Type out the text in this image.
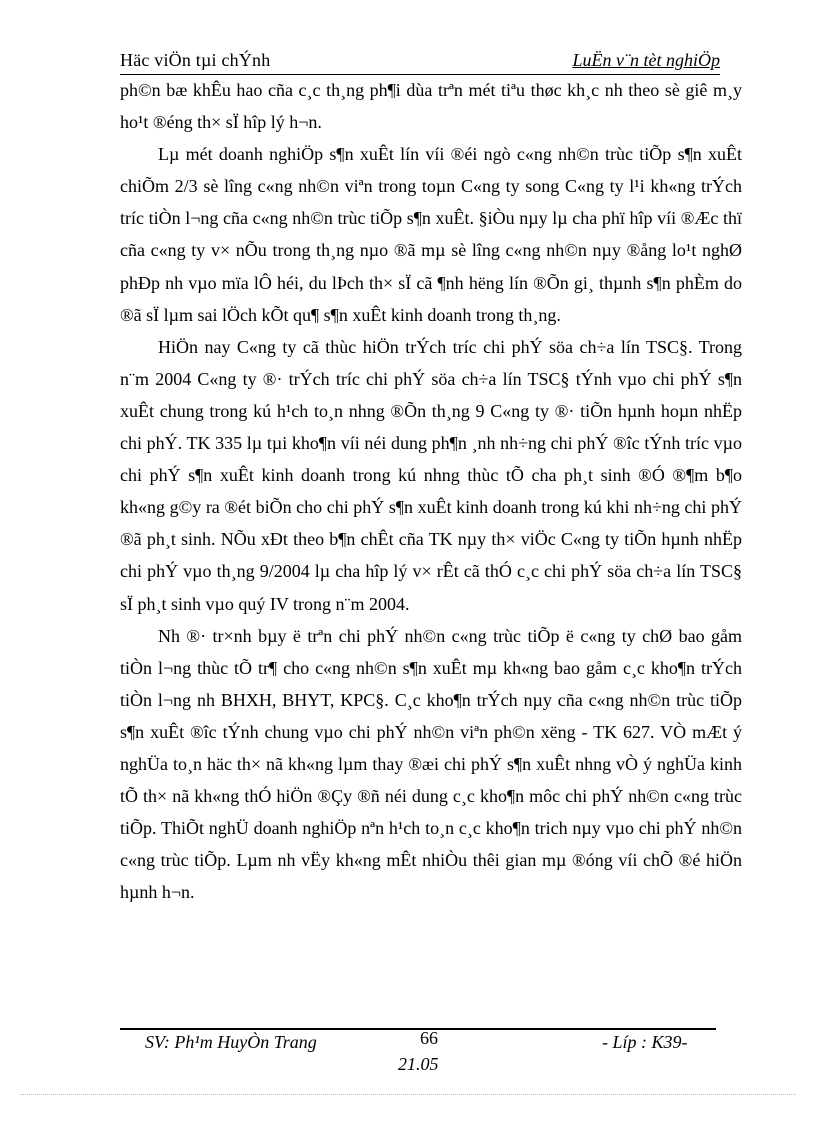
Häc viÖn tµi chÝnh	LuËn v¨n tèt nghiÖp

ph©n bæ khÊu hao cña c¸c th¸ng ph¶i dùa trªn mét tiªu thøc kh¸c nh theo sè giê m¸y ho¹t ®éng th× sÏ hîp lý h¬n.

Lµ mét doanh nghiÖp s¶n xuÊt lín víi ®éi ngò c«ng nh©n trùc tiÕp s¶n xuÊt chiÕm 2/3 sè lîng c«ng nh©n viªn trong toµn C«ng ty song C«ng ty l¹i kh«ng trÝch tríc tiÒn l¬ng cña c«ng nh©n trùc tiÕp s¶n xuÊt. §iÒu nµy lµ cha phï hîp víi ®Æc thï cña c«ng ty v× nÕu trong th¸ng nµo ®ã mµ sè lîng c«ng nh©n nµy ®ång lo¹t nghØ phÐp nh vµo mïa lÔ héi, du lÞch th× sÏ cã ¶nh hëng lín ®Õn gi¸ thµnh s¶n phÈm do ®ã sÏ lµm sai lÖch kÕt qu¶ s¶n xuÊt kinh doanh trong th¸ng.

HiÖn nay C«ng ty cã thùc hiÖn trÝch tríc chi phÝ söa ch÷a lín TSC§. Trong n¨m 2004 C«ng ty ®· trÝch tríc chi phÝ söa ch÷a lín TSC§ tÝnh vµo chi phÝ s¶n xuÊt chung trong kú h¹ch to¸n nhng ®Õn th¸ng 9 C«ng ty ®· tiÕn hµnh hoµn nhËp chi phÝ. TK 335 lµ tµi kho¶n víi néi dung ph¶n ¸nh nh÷ng chi phÝ ®îc tÝnh tríc vµo chi phÝ s¶n xuÊt kinh doanh trong kú nhng thùc tÕ cha ph¸t sinh ®Ó ®¶m b¶o kh«ng g©y ra ®ét biÕn cho chi phÝ s¶n xuÊt kinh doanh trong kú khi nh÷ng chi phÝ ®ã ph¸t sinh. NÕu xÐt theo b¶n chÊt cña TK nµy th× viÖc C«ng ty tiÕn hµnh nhËp chi phÝ vµo th¸ng 9/2004 lµ cha hîp lý v× rÊt cã thÓ c¸c chi phÝ söa ch÷a lín TSC§ sÏ ph¸t sinh vµo quý IV trong n¨m 2004.

Nh ®· tr×nh bµy ë trªn chi phÝ nh©n c«ng trùc tiÕp ë c«ng ty chØ bao gåm tiÒn l¬ng thùc tÕ tr¶ cho c«ng nh©n s¶n xuÊt mµ kh«ng bao gåm c¸c kho¶n trÝch tiÒn l¬ng nh BHXH, BHYT, KPC§. C¸c kho¶n trÝch nµy cña c«ng nh©n trùc tiÕp s¶n xuÊt ®îc tÝnh chung vµo chi phÝ nh©n viªn ph©n xëng - TK 627. VÒ mÆt ý nghÜa to¸n häc th× nã kh«ng lµm thay ®æi chi phÝ s¶n xuÊt nhng vÒ ý nghÜa kinh tÕ th× nã kh«ng thÓ hiÖn ®Çy ®ñ néi dung c¸c kho¶n môc chi phÝ nh©n c«ng trùc tiÕp. ThiÕt nghÜ doanh nghiÖp nªn h¹ch to¸n c¸c kho¶n trich nµy vµo chi phÝ nh©n c«ng trùc tiÕp. Lµm nh vËy kh«ng mÊt nhiÒu thêi gian mµ ®óng víi chÕ ®é hiÖn hµnh h¬n.

SV: Ph¹m HuyÒn Trang	66
21.05
- Líp : K39-
